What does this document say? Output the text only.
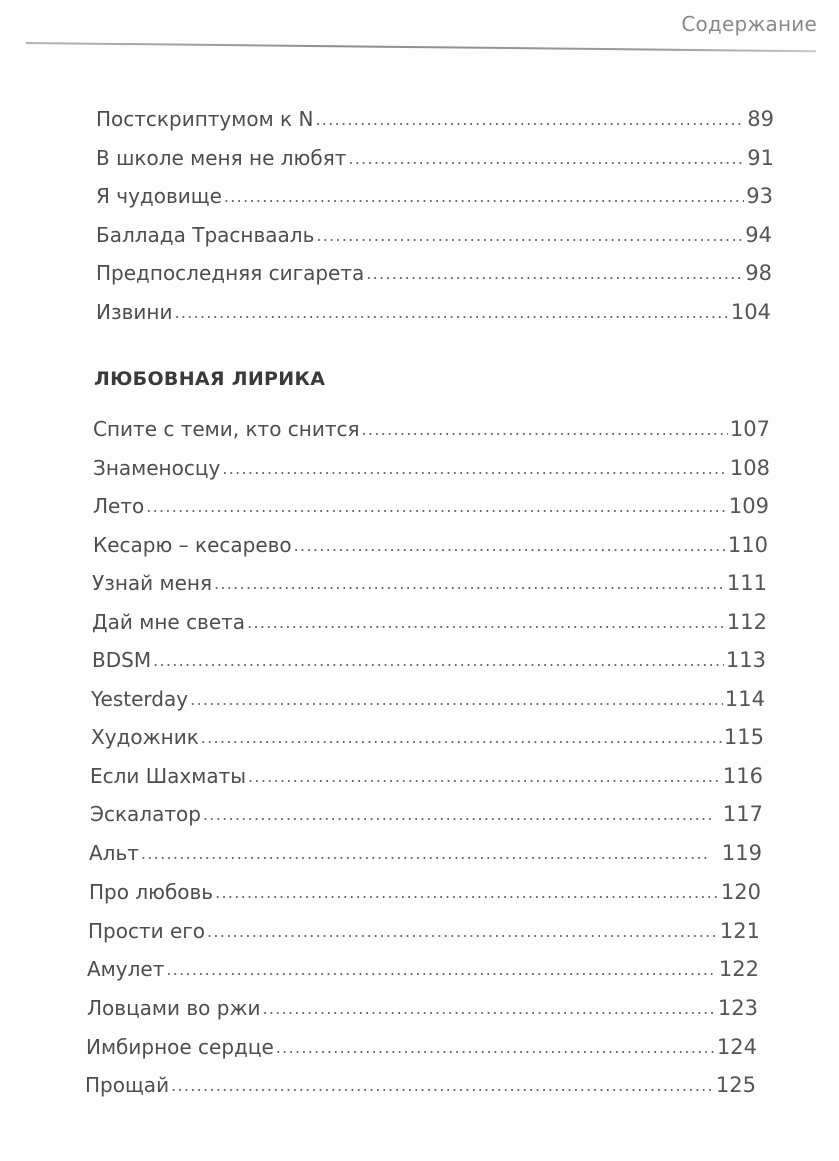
Содержание
Постскриптумом к N .....	89
В школе меня не любят .....	91
Я чудовище .....	93
Баллада Траснвааль .....	94
Предпоследняя сигарета .....	98
Извини .....	104
ЛЮБОВНАЯ ЛИРИКА
Спите с теми, кто снится .....	107
Знаменосцу .....	108
Лето .....	109
Кесарю – кесарево .....	110
Узнай меня .....	111
Дай мне света .....	112
BDSM .....	113
Yesterday .....	114
Художник .....	115
Если Шахматы .....	116
Эскалатор .....	117
Альт .....	119
Про любовь .....	120
Прости его .....	121
Амулет .....	122
Ловцами во ржи .....	123
Имбирное сердце .....	124
Прощай .....	125
